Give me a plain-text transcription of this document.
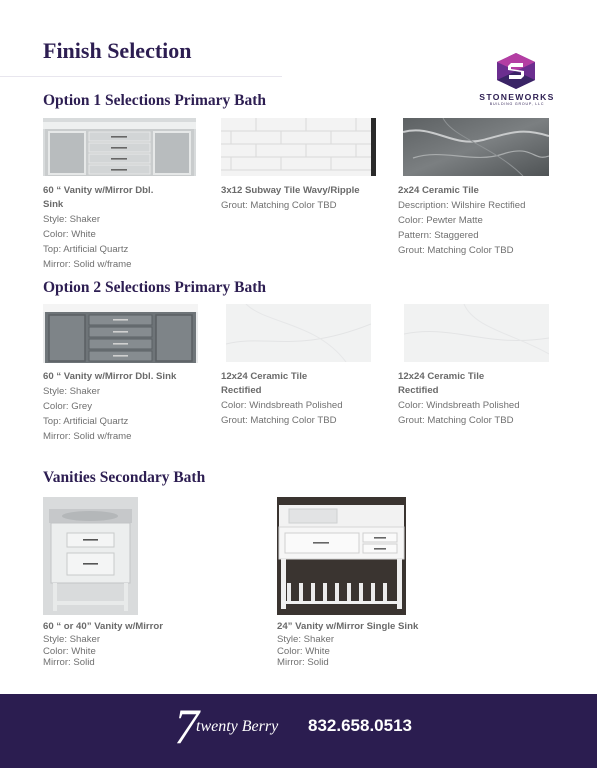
Finish Selection
STONEWORKS
BUILDING GROUP, LLC
Option 1 Selections Primary Bath
60 “ Vanity w/Mirror Dbl.
Sink
Style: Shaker
Color: White
Top: Artificial Quartz
Mirror: Solid w/frame
3x12 Subway Tile Wavy/Ripple
Grout: Matching Color TBD
2x24 Ceramic Tile
Description: Wilshire Rectified
Color: Pewter Matte
Pattern: Staggered
Grout: Matching Color TBD
Option 2 Selections Primary Bath
60 “ Vanity w/Mirror Dbl. Sink
Style: Shaker
Color: Grey
Top: Artificial Quartz
Mirror: Solid w/frame
12x24 Ceramic Tile
Rectified
Color: Windsbreath Polished
Grout: Matching Color TBD
12x24 Ceramic Tile
Rectified
Color: Windsbreath Polished
Grout: Matching Color TBD
Vanities Secondary Bath
60 “ or 40” Vanity w/Mirror
Style: Shaker
Color: White
Mirror: Solid
24” Vanity w/Mirror Single Sink
Style: Shaker
Color: White
Mirror: Solid
7
twenty Berry 832.658.0513
